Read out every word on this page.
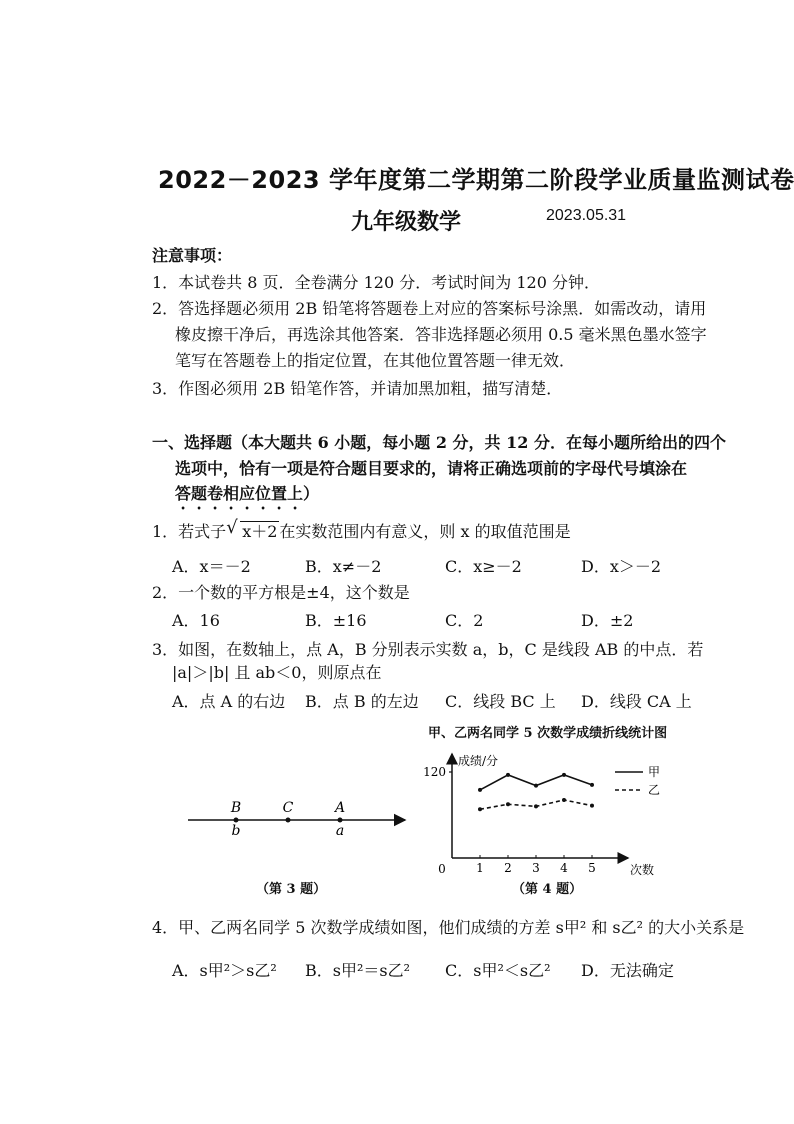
2022－2023 学年度第二学期第二阶段学业质量监测试卷
九年级数学	2023.05.31
注意事项：
1．本试卷共 8 页．全卷满分 120 分．考试时间为 120 分钟．
2．答选择题必须用 2B 铅笔将答题卷上对应的答案标号涂黑．如需改动，请用
橡皮擦干净后，再选涂其他答案．答非选择题必须用 0.5 毫米黑色墨水签字
笔写在答题卷上的指定位置，在其他位置答题一律无效．
3．作图必须用 2B 铅笔作答，并请加黑加粗，描写清楚．
一、选择题（本大题共 6 小题，每小题 2 分，共 12 分．在每小题所给出的四个
选项中，恰有一项是符合题目要求的，请将正确选项前的字母代号填涂在
答题卷相应位置上）
1．若式子 √ x＋2 在实数范围内有意义，则 x 的取值范围是
A．x＝－2	B．x≠－2	C．x≥－2	D．x＞－2
2．一个数的平方根是±4，这个数是
A．16	B．±16	C．2	D．±2
3．如图，在数轴上，点 A，B 分别表示实数 a，b，C 是线段 AB 的中点．若
|a|＞|b| 且 ab＜0，则原点在
A．点 A 的右边 B．点 B 的左边 C．线段 BC 上 D．线段 CA 上
B	C	A
b	a
（第 3 题）
甲、乙两名同学 5 次数学成绩折线统计图
成绩/分
次数
0
120
1 2 3 4 5
甲
乙
（第 4 题）
4．甲、乙两名同学 5 次数学成绩如图，他们成绩的方差 s甲² 和 s乙² 的大小关系是
A．s甲²＞s乙² B．s甲²＝s乙² C．s甲²＜s乙² D．无法确定
